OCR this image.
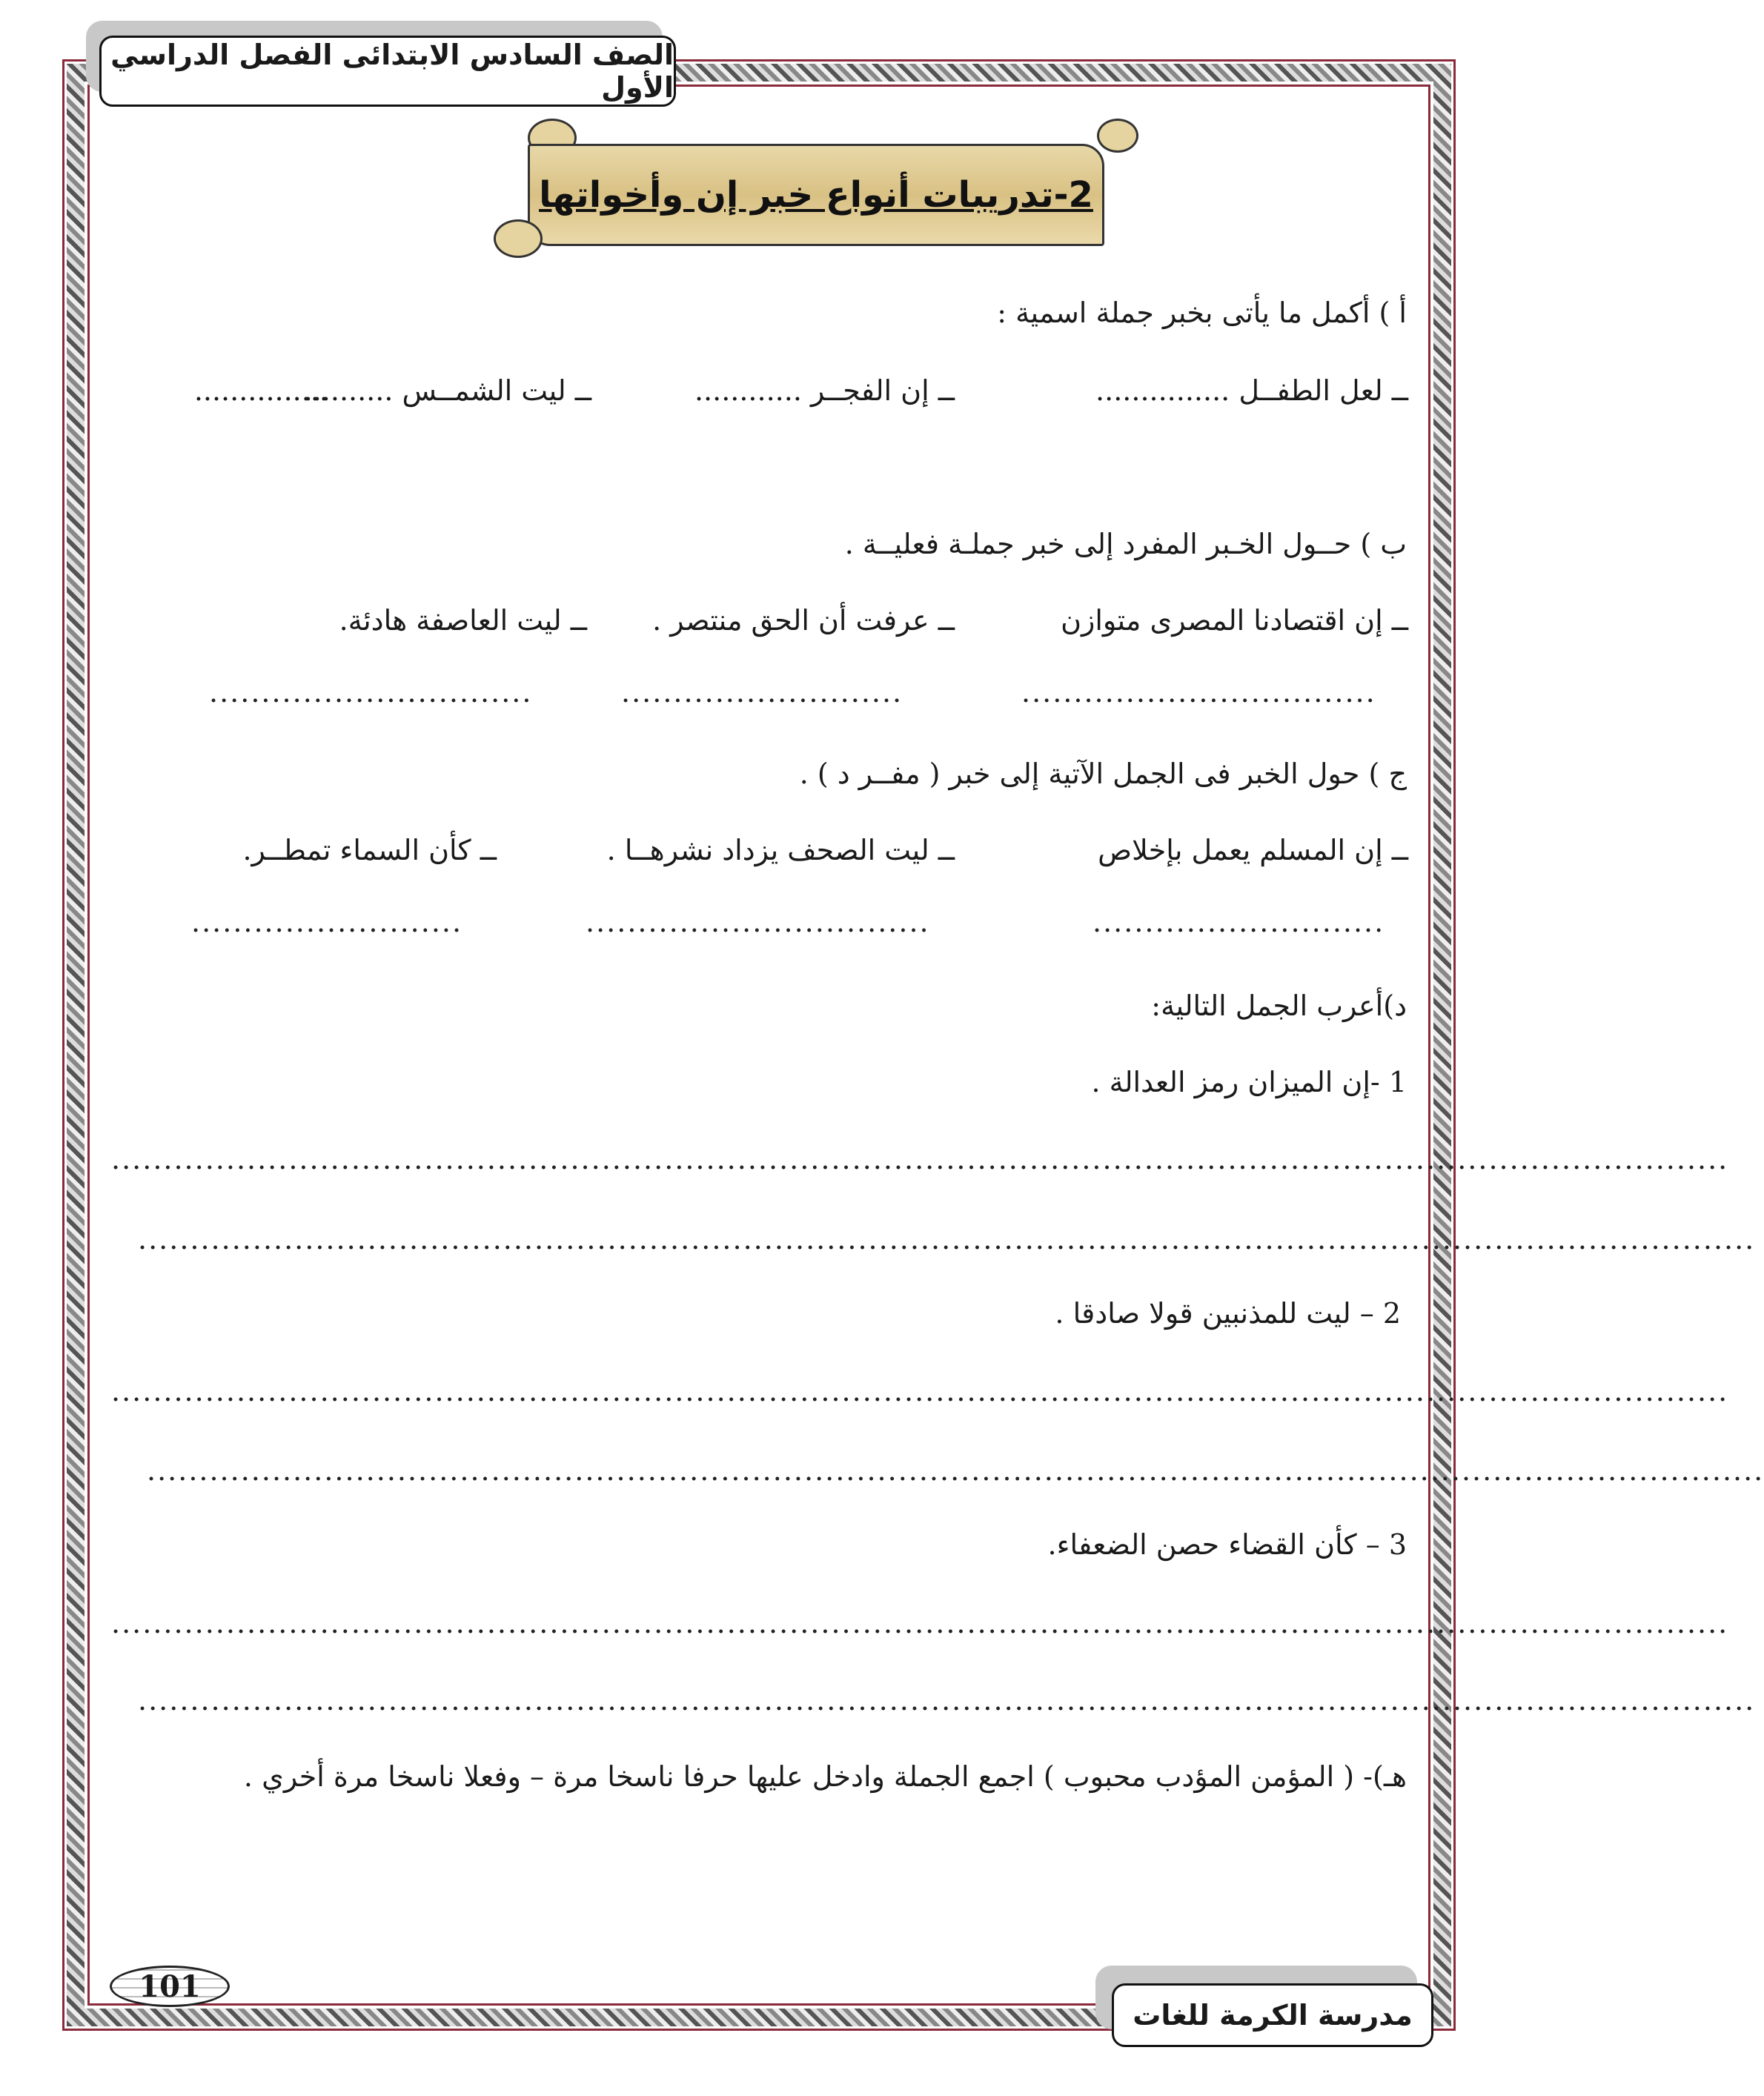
الصف السادس الابتدائى الفصل الدراسي الأول
2-تدريبات أنواع خبر إن وأخواتها
أ ) أكمل ما يأتى بخبر جملة اسمية :
ــ لعل الطفــل ...............
ــ إن الفجــر ............
ــ ليت الشمــس ..........
...............
ب ) حــول الخـبر المفرد إلى خبر جملـة فعليــة .
ــ إن اقتصادنا المصرى متوازن
ــ عرفت أن الحق منتصر .
ــ ليت العاصفة هادئة.
..................................
...........................
...............................
ج ) حول الخبر فى الجمل الآتية إلى خبر ( مفــر د ) .
ــ إن المسلم يعمل بإخلاص
ــ ليت الصحف يزداد نشرهــا .
ــ كأن السماء تمطــر.
............................
.................................
..........................
د)أعرب الجمل التالية:
1 -إن الميزان رمز العدالة .
...........................................................................................................................................................
...........................................................................................................................................................
2 – ليت للمذنبين قولا صادقا .
...........................................................................................................................................................
...........................................................................................................................................................
3 – كأن القضاء حصن الضعفاء.
...........................................................................................................................................................
...........................................................................................................................................................
هـ)- ( المؤمن المؤدب محبوب ) اجمع الجملة وادخل عليها حرفا ناسخا مرة – وفعلا ناسخا مرة أخري .
101
مدرسة الكرمة للغات
